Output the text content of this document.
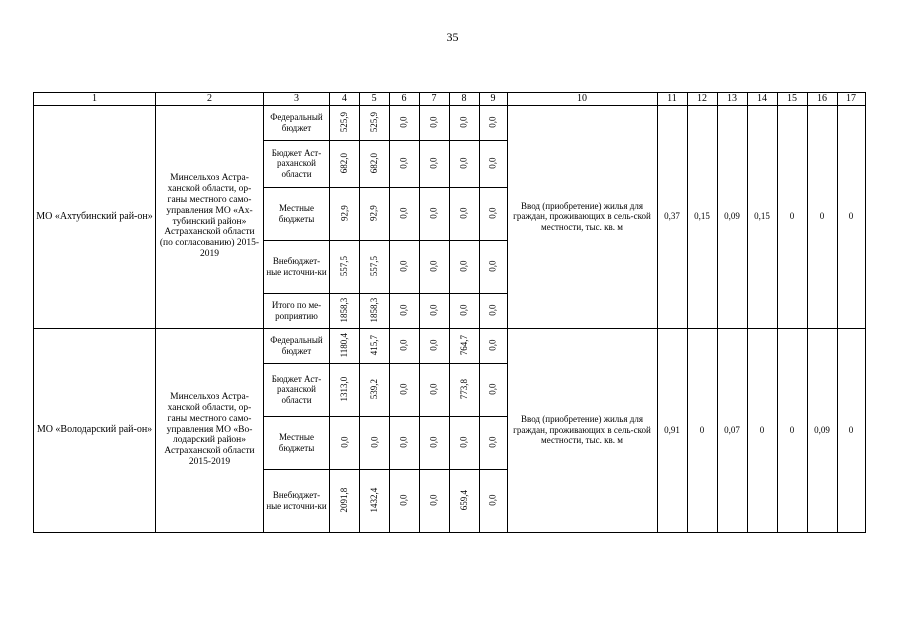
35
1	2	3	4	5	6	7	8	9	10	11	12	13	14	15	16	17
МО «Ахтубинский рай-он»	Минсельхоз Астра-ханской области, ор-ганы местного само-управления МО «Ах-тубинский район» Астраханской области (по согласованию) 2015-2019	Федеральный бюджет	525,9	525,9	0,0	0,0	0,0	0,0	Ввод (приобретение) жилья для граждан, проживающих в сель-ской местности, тыс. кв. м	0,37	0,15	0,09	0,15	0	0	0
		Бюджет Аст-раханской области	682,0	682,0	0,0	0,0	0,0	0,0								
		Местные бюджеты	92,9	92,9	0,0	0,0	0,0	0,0								
		Внебюджет-ные источни-ки	557,5	557,5	0,0	0,0	0,0	0,0								
		Итого по ме-роприятию	1858,3	1858,3	0,0	0,0	0,0	0,0								
МО «Володарский рай-он»	Минсельхоз Астра-ханской области, ор-ганы местного само-управления МО «Во-лодарский район» Астраханской области 2015-2019	Федеральный бюджет	1180,4	415,7	0,0	0,0	764,7	0,0	Ввод (приобретение) жилья для граждан, проживающих в сель-ской местности, тыс. кв. м	0,91	0	0,07	0	0	0,09	0
		Бюджет Аст-раханской области	1313,0	539,2	0,0	0,0	773,8	0,0								
		Местные бюджеты	0,0	0,0	0,0	0,0	0,0	0,0								
		Внебюджет-ные источни-ки	2091,8	1432,4	0,0	0,0	659,4	0,0								
